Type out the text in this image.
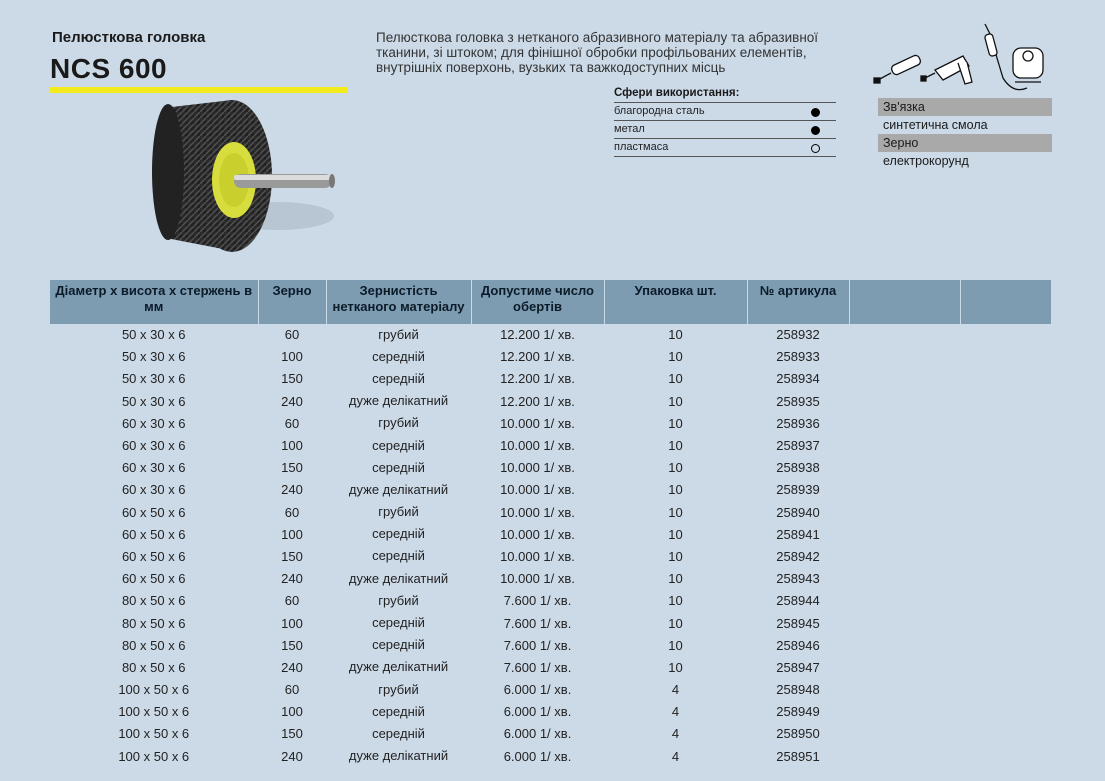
Пелюсткова головка
NCS 600
Пелюсткова головка з нетканого абразивного матеріалу та абразивної тканини, зі штоком; для фінішної обробки профільованих елементів, внутрішніх поверхонь, вузьких та важкодоступних місць
Сфери використання:
благородна сталь
метал
пластмаса
Зв'язка
синтетична смола
Зерно
електрокорунд
Діаметр х висота х стержень в мм	Зерно	Зернистість нетканого матеріалу	Допустиме число обертів	Упаковка шт.	№ артикула		
50 x 30 x 6	60	грубий	12.200 1/ хв.	10	258932		
50 x 30 x 6	100	середній	12.200 1/ хв.	10	258933		
50 x 30 x 6	150	середній	12.200 1/ хв.	10	258934		
50 x 30 x 6	240	дуже делікатний	12.200 1/ хв.	10	258935		
60 x 30 x 6	60	грубий	10.000 1/ хв.	10	258936		
60 x 30 x 6	100	середній	10.000 1/ хв.	10	258937		
60 x 30 x 6	150	середній	10.000 1/ хв.	10	258938		
60 x 30 x 6	240	дуже делікатний	10.000 1/ хв.	10	258939		
60 x 50 x 6	60	грубий	10.000 1/ хв.	10	258940		
60 x 50 x 6	100	середній	10.000 1/ хв.	10	258941		
60 x 50 x 6	150	середній	10.000 1/ хв.	10	258942		
60 x 50 x 6	240	дуже делікатний	10.000 1/ хв.	10	258943		
80 x 50 x 6	60	грубий	7.600 1/ хв.	10	258944		
80 x 50 x 6	100	середній	7.600 1/ хв.	10	258945		
80 x 50 x 6	150	середній	7.600 1/ хв.	10	258946		
80 x 50 x 6	240	дуже делікатний	7.600 1/ хв.	10	258947		
100 x 50 x 6	60	грубий	6.000 1/ хв.	4	258948		
100 x 50 x 6	100	середній	6.000 1/ хв.	4	258949		
100 x 50 x 6	150	середній	6.000 1/ хв.	4	258950		
100 x 50 x 6	240	дуже делікатний	6.000 1/ хв.	4	258951		
